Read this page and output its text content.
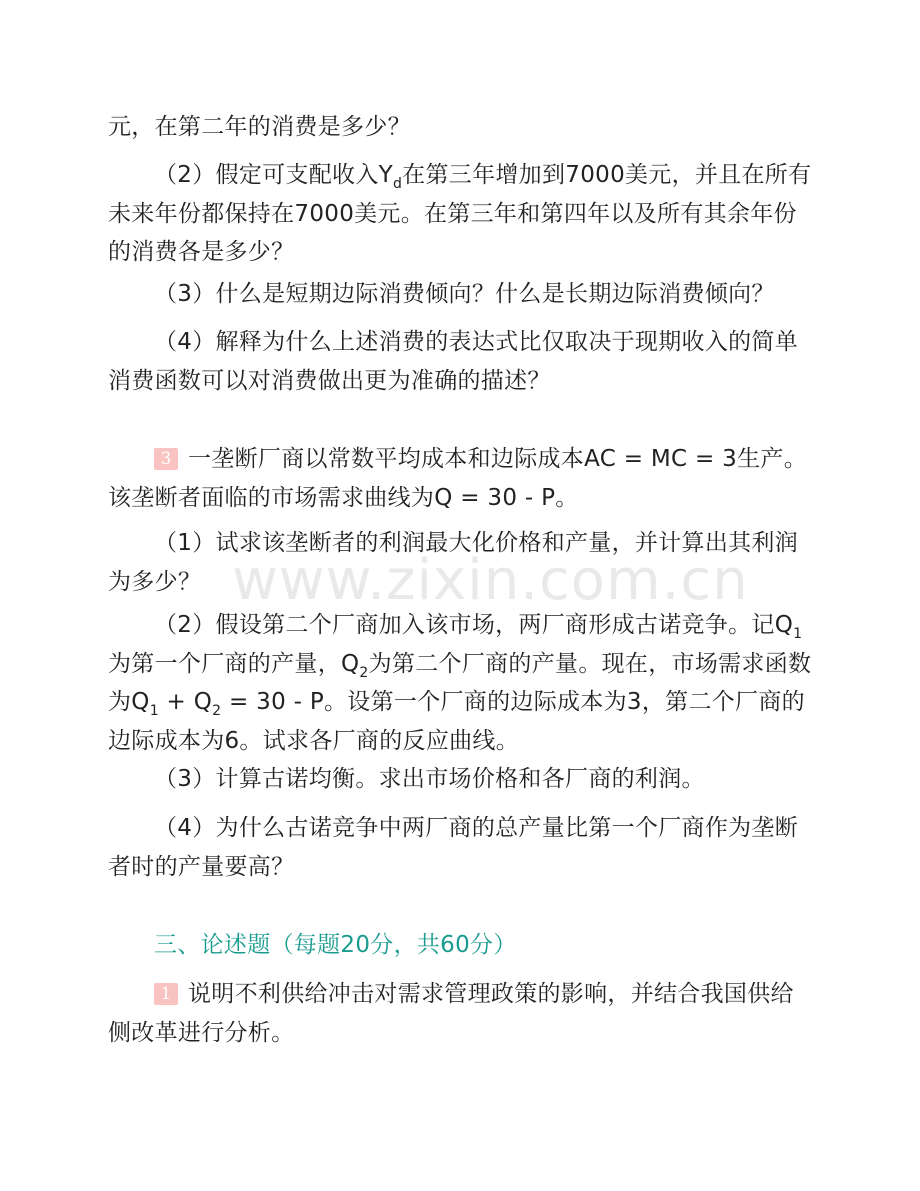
www.zixin.com.cn

元，在第二年的消费是多少？

（2）假定可支配收入$Y_d$在第三年增加到7000美元，并且在所有未来年份都保持在7000美元。在第三年和第四年以及所有其余年份的消费各是多少？

（3）什么是短期边际消费倾向？什么是长期边际消费倾向？

（4）解释为什么上述消费的表达式比仅取决于现期收入的简单消费函数可以对消费做出更为准确的描述？

3 一垄断厂商以常数平均成本和边际成本AC = MC = 3生产。该垄断者面临的市场需求曲线为Q = 30 - P。

（1）试求该垄断者的利润最大化价格和产量，并计算出其利润为多少？

（2）假设第二个厂商加入该市场，两厂商形成古诺竞争。记$Q_1$为第一个厂商的产量，$Q_2$为第二个厂商的产量。现在，市场需求函数为$Q_1 + Q_2 = 30 - P$。设第一个厂商的边际成本为3，第二个厂商的边际成本为6。试求各厂商的反应曲线。

（3）计算古诺均衡。求出市场价格和各厂商的利润。

（4）为什么古诺竞争中两厂商的总产量比第一个厂商作为垄断者时的产量要高？

三、论述题（每题20分，共60分）

1 说明不利供给冲击对需求管理政策的影响，并结合我国供给侧改革进行分析。
